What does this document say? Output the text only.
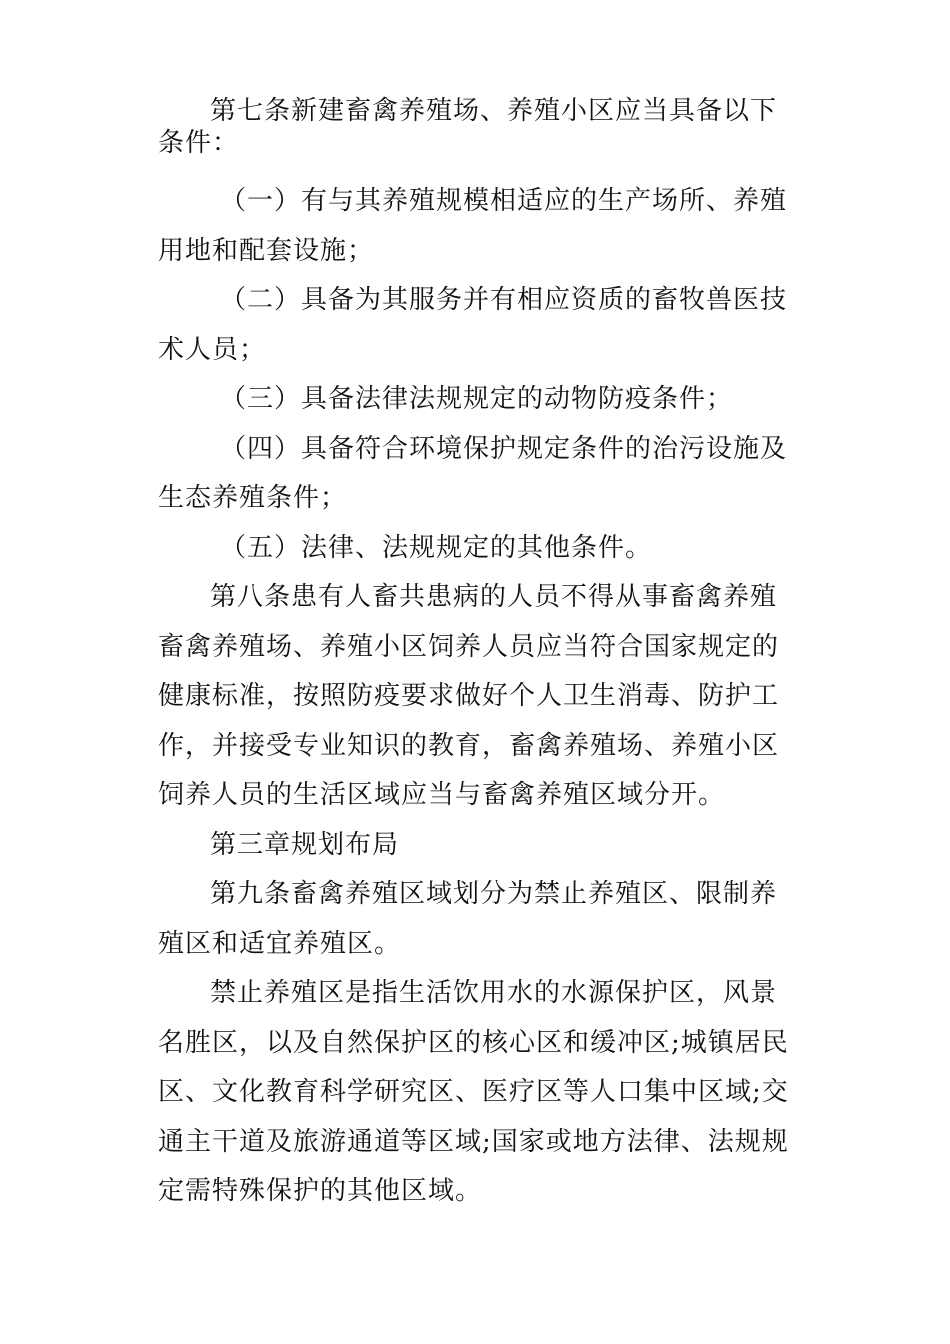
第七条新建畜禽养殖场、养殖小区应当具备以下条件：

（一）有与其养殖规模相适应的生产场所、养殖用地和配套设施；

（二）具备为其服务并有相应资质的畜牧兽医技术人员；

（三）具备法律法规规定的动物防疫条件；

（四）具备符合环境保护规定条件的治污设施及生态养殖条件；

（五）法律、法规规定的其他条件。

第八条患有人畜共患病的人员不得从事畜禽养殖畜禽养殖场、养殖小区饲养人员应当符合国家规定的健康标准，按照防疫要求做好个人卫生消毒、防护工作，并接受专业知识的教育，畜禽养殖场、养殖小区饲养人员的生活区域应当与畜禽养殖区域分开。

第三章规划布局

第九条畜禽养殖区域划分为禁止养殖区、限制养殖区和适宜养殖区。

禁止养殖区是指生活饮用水的水源保护区，风景名胜区，以及自然保护区的核心区和缓冲区;城镇居民区、文化教育科学研究区、医疗区等人口集中区域;交通主干道及旅游通道等区域;国家或地方法律、法规规定需特殊保护的其他区域。
